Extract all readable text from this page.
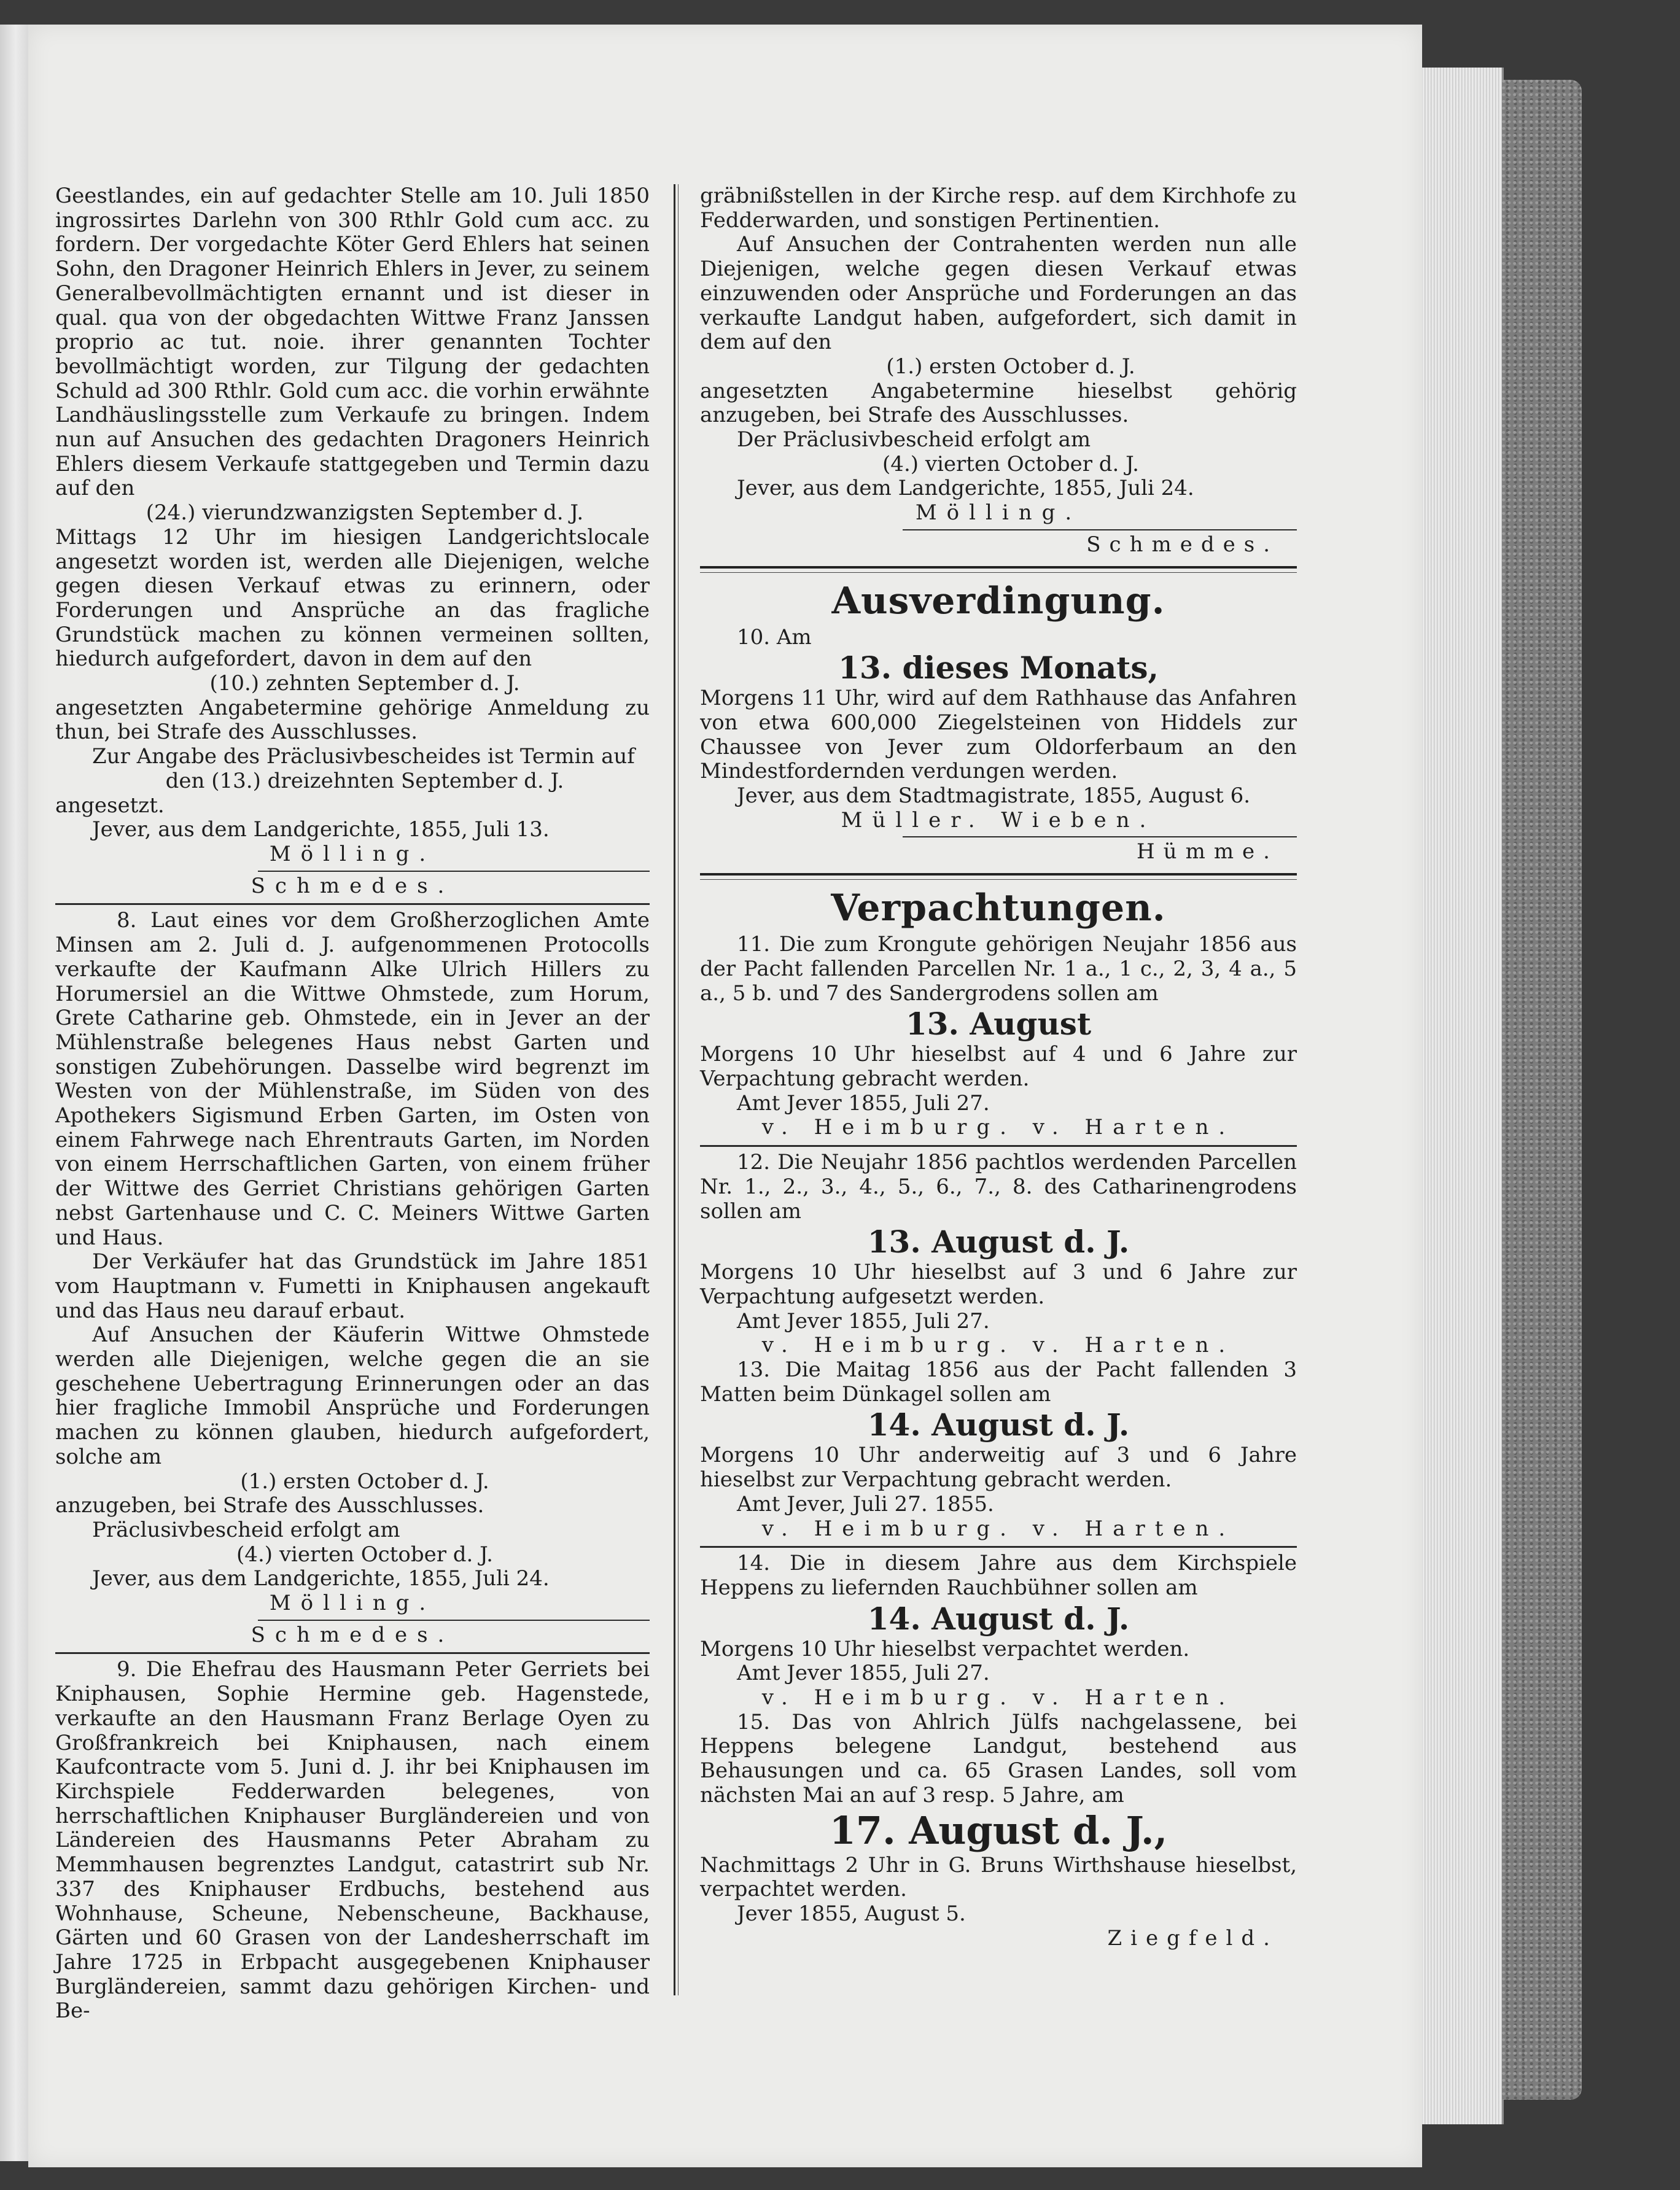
Geestlandes, ein auf gedachter Stelle am 10. Juli 1850 ingrossirtes Darlehn von 300 Rthlr Gold cum acc. zu fordern. Der vorgedachte Köter Gerd Ehlers hat seinen Sohn, den Dragoner Heinrich Ehlers in Jever, zu seinem Generalbevollmächtigten ernannt und ist dieser in qual. qua von der obgedachten Wittwe Franz Janssen proprio ac tut. noie. ihrer genannten Tochter bevollmächtigt worden, zur Tilgung der gedachten Schuld ad 300 Rthlr. Gold cum acc. die vorhin erwähnte Landhäuslingsstelle zum Verkaufe zu bringen. Indem nun auf Ansuchen des gedachten Dragoners Heinrich Ehlers diesem Verkaufe stattgegeben und Termin dazu auf den

(24.) vierundzwanzigsten September d. J.

Mittags 12 Uhr im hiesigen Landgerichtslocale angesetzt worden ist, werden alle Diejenigen, welche gegen diesen Verkauf etwas zu erinnern, oder Forderungen und Ansprüche an das fragliche Grundstück machen zu können vermeinen sollten, hiedurch aufgefordert, davon in dem auf den

(10.) zehnten September d. J.

angesetzten Angabetermine gehörige Anmeldung zu thun, bei Strafe des Ausschlusses.

Zur Angabe des Präclusivbescheides ist Termin auf

den (13.) dreizehnten September d. J.

angesetzt.

Jever, aus dem Landgerichte, 1855, Juli 13.

Mölling.

Schmedes.

8. Laut eines vor dem Großherzoglichen Amte Minsen am 2. Juli d. J. aufgenommenen Protocolls verkaufte der Kaufmann Alke Ulrich Hillers zu Horumersiel an die Wittwe Ohmstede, zum Horum, Grete Catharine geb. Ohmstede, ein in Jever an der Mühlenstraße belegenes Haus nebst Garten und sonstigen Zubehörungen. Dasselbe wird begrenzt im Westen von der Mühlenstraße, im Süden von des Apothekers Sigismund Erben Garten, im Osten von einem Fahrwege nach Ehrentrauts Garten, im Norden von einem Herrschaftlichen Garten, von einem früher der Wittwe des Gerriet Christians gehörigen Garten nebst Gartenhause und C. C. Meiners Wittwe Garten und Haus.

Der Verkäufer hat das Grundstück im Jahre 1851 vom Hauptmann v. Fumetti in Kniphausen angekauft und das Haus neu darauf erbaut.

Auf Ansuchen der Käuferin Wittwe Ohmstede werden alle Diejenigen, welche gegen die an sie geschehene Uebertragung Erinnerungen oder an das hier fragliche Immobil Ansprüche und Forderungen machen zu können glauben, hiedurch aufgefordert, solche am

(1.) ersten October d. J.

anzugeben, bei Strafe des Ausschlusses.

Präclusivbescheid erfolgt am

(4.) vierten October d. J.

Jever, aus dem Landgerichte, 1855, Juli 24.

Mölling.

Schmedes.

9. Die Ehefrau des Hausmann Peter Gerriets bei Kniphausen, Sophie Hermine geb. Hagenstede, verkaufte an den Hausmann Franz Berlage Oyen zu Großfrankreich bei Kniphausen, nach einem Kaufcontracte vom 5. Juni d. J. ihr bei Kniphausen im Kirchspiele Fedderwarden belegenes, von herrschaftlichen Kniphauser Burgländereien und von Ländereien des Hausmanns Peter Abraham zu Memmhausen begrenztes Landgut, catastrirt sub Nr. 337 des Kniphauser Erdbuchs, bestehend aus Wohnhause, Scheune, Nebenscheune, Backhause, Gärten und 60 Grasen von der Landesherrschaft im Jahre 1725 in Erbpacht ausgegebenen Kniphauser Burgländereien, sammt dazu gehörigen Kirchen- und Be-

gräbnißstellen in der Kirche resp. auf dem Kirchhofe zu Fedderwarden, und sonstigen Pertinentien.

Auf Ansuchen der Contrahenten werden nun alle Diejenigen, welche gegen diesen Verkauf etwas einzuwenden oder Ansprüche und Forderungen an das verkaufte Landgut haben, aufgefordert, sich damit in dem auf den

(1.) ersten October d. J.

angesetzten Angabetermine hieselbst gehörig anzugeben, bei Strafe des Ausschlusses.

Der Präclusivbescheid erfolgt am

(4.) vierten October d. J.

Jever, aus dem Landgerichte, 1855, Juli 24.

Mölling.

Schmedes.

Ausverdingung.

10. Am

13. dieses Monats,

Morgens 11 Uhr, wird auf dem Rathhause das Anfahren von etwa 600,000 Ziegelsteinen von Hiddels zur Chaussee von Jever zum Oldorferbaum an den Mindestfordernden verdungen werden.

Jever, aus dem Stadtmagistrate, 1855, August 6.

Müller. Wieben.

Hümme.

Verpachtungen.

11. Die zum Krongute gehörigen Neujahr 1856 aus der Pacht fallenden Parcellen Nr. 1 a., 1 c., 2, 3, 4 a., 5 a., 5 b. und 7 des Sandergrodens sollen am

13. August

Morgens 10 Uhr hieselbst auf 4 und 6 Jahre zur Verpachtung gebracht werden.

Amt Jever 1855, Juli 27.

v. Heimburg. v. Harten.

12. Die Neujahr 1856 pachtlos werdenden Parcellen Nr. 1., 2., 3., 4., 5., 6., 7., 8. des Catharinengrodens sollen am

13. August d. J.

Morgens 10 Uhr hieselbst auf 3 und 6 Jahre zur Verpachtung aufgesetzt werden.

Amt Jever 1855, Juli 27.

v. Heimburg. v. Harten.

13. Die Maitag 1856 aus der Pacht fallenden 3 Matten beim Dünkagel sollen am

14. August d. J.

Morgens 10 Uhr anderweitig auf 3 und 6 Jahre hieselbst zur Verpachtung gebracht werden.

Amt Jever, Juli 27. 1855.

v. Heimburg. v. Harten.

14. Die in diesem Jahre aus dem Kirchspiele Heppens zu liefernden Rauchbühner sollen am

14. August d. J.

Morgens 10 Uhr hieselbst verpachtet werden.

Amt Jever 1855, Juli 27.

v. Heimburg. v. Harten.

15. Das von Ahlrich Jülfs nachgelassene, bei Heppens belegene Landgut, bestehend aus Behausungen und ca. 65 Grasen Landes, soll vom nächsten Mai an auf 3 resp. 5 Jahre, am

17. August d. J.,

Nachmittags 2 Uhr in G. Bruns Wirthshause hieselbst, verpachtet werden.

Jever 1855, August 5.

Ziegfeld.
